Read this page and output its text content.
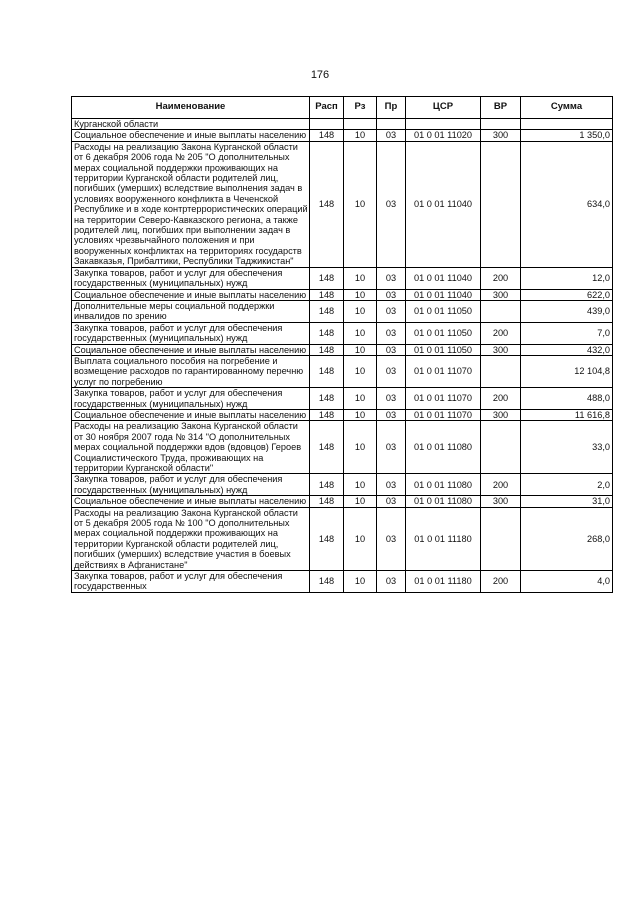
176
Наименование	Расп	Рз	Пр	ЦСР	ВР	Сумма
Курганской области						
Социальное обеспечение и иные выплаты населению	148	10	03	01 0 01 11020	300	1 350,0
Расходы на реализацию Закона Курганской области от 6 декабря 2006 года № 205 "О дополнительных мерах социальной поддержки проживающих на территории Курганской области родителей лиц, погибших (умерших) вследствие выполнения задач в условиях вооруженного конфликта в Чеченской Республике и в ходе контртеррористических операций на территории Северо-Кавказского региона, а также родителей лиц, погибших при выполнении задач в условиях чрезвычайного положения и при вооруженных конфликтах на территориях государств Закавказья, Прибалтики, Республики Таджикистан"	148	10	03	01 0 01 11040		634,0
Закупка товаров, работ и услуг для обеспечения государственных (муниципальных) нужд	148	10	03	01 0 01 11040	200	12,0
Социальное обеспечение и иные выплаты населению	148	10	03	01 0 01 11040	300	622,0
Дополнительные меры социальной поддержки инвалидов по зрению	148	10	03	01 0 01 11050		439,0
Закупка товаров, работ и услуг для обеспечения государственных (муниципальных) нужд	148	10	03	01 0 01 11050	200	7,0
Социальное обеспечение и иные выплаты населению	148	10	03	01 0 01 11050	300	432,0
Выплата социального пособия на погребение и возмещение расходов по гарантированному перечню услуг по погребению	148	10	03	01 0 01 11070		12 104,8
Закупка товаров, работ и услуг для обеспечения государственных (муниципальных) нужд	148	10	03	01 0 01 11070	200	488,0
Социальное обеспечение и иные выплаты населению	148	10	03	01 0 01 11070	300	11 616,8
Расходы на реализацию Закона Курганской области от 30 ноября 2007 года № 314 "О дополнительных мерах социальной поддержки вдов (вдовцов) Героев Социалистического Труда, проживающих на территории Курганской области"	148	10	03	01 0 01 11080		33,0
Закупка товаров, работ и услуг для обеспечения государственных (муниципальных) нужд	148	10	03	01 0 01 11080	200	2,0
Социальное обеспечение и иные выплаты населению	148	10	03	01 0 01 11080	300	31,0
Расходы на реализацию Закона Курганской области от 5 декабря 2005 года № 100 "О дополнительных мерах социальной поддержки проживающих на территории Курганской области родителей лиц, погибших (умерших) вследствие участия в боевых действиях в Афганистане"	148	10	03	01 0 01 11180		268,0
Закупка товаров, работ и услуг для обеспечения государственных	148	10	03	01 0 01 11180	200	4,0
